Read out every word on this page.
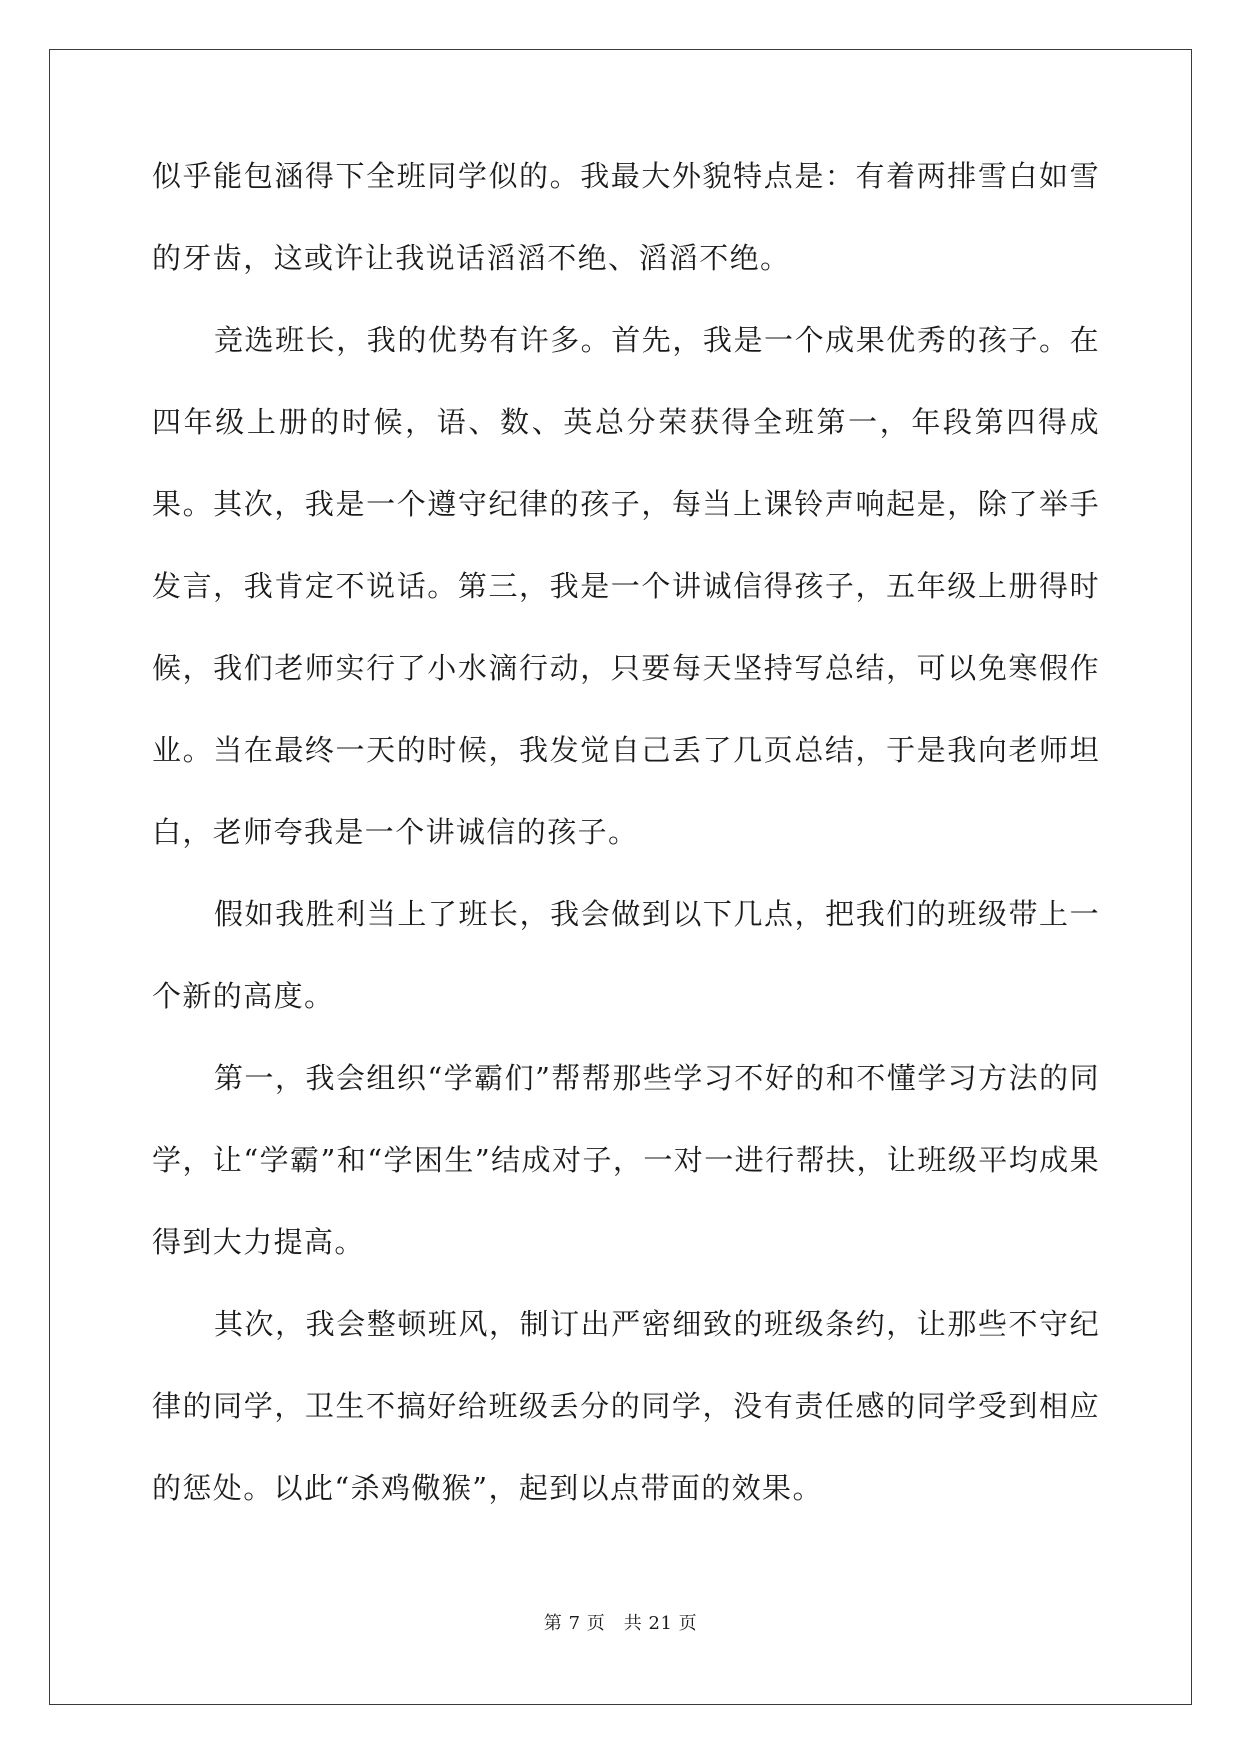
似乎能包涵得下全班同学似的。我最大外貌特点是：有着两排雪白如雪的牙齿，这或许让我说话滔滔不绝、滔滔不绝。

竞选班长，我的优势有许多。首先，我是一个成果优秀的孩子。在四年级上册的时候，语、数、英总分荣获得全班第一，年段第四得成果。其次，我是一个遵守纪律的孩子，每当上课铃声响起是，除了举手发言，我肯定不说话。第三，我是一个讲诚信得孩子，五年级上册得时候，我们老师实行了小水滴行动，只要每天坚持写总结，可以免寒假作业。当在最终一天的时候，我发觉自己丢了几页总结，于是我向老师坦白，老师夸我是一个讲诚信的孩子。

假如我胜利当上了班长，我会做到以下几点，把我们的班级带上一个新的高度。

第一，我会组织“学霸们”帮帮那些学习不好的和不懂学习方法的同学，让“学霸”和“学困生”结成对子，一对一进行帮扶，让班级平均成果得到大力提高。

其次，我会整顿班风，制订出严密细致的班级条约，让那些不守纪律的同学，卫生不搞好给班级丢分的同学，没有责任感的同学受到相应的惩处。以此“杀鸡儆猴”，起到以点带面的效果。

第 7 页　共 21 页
